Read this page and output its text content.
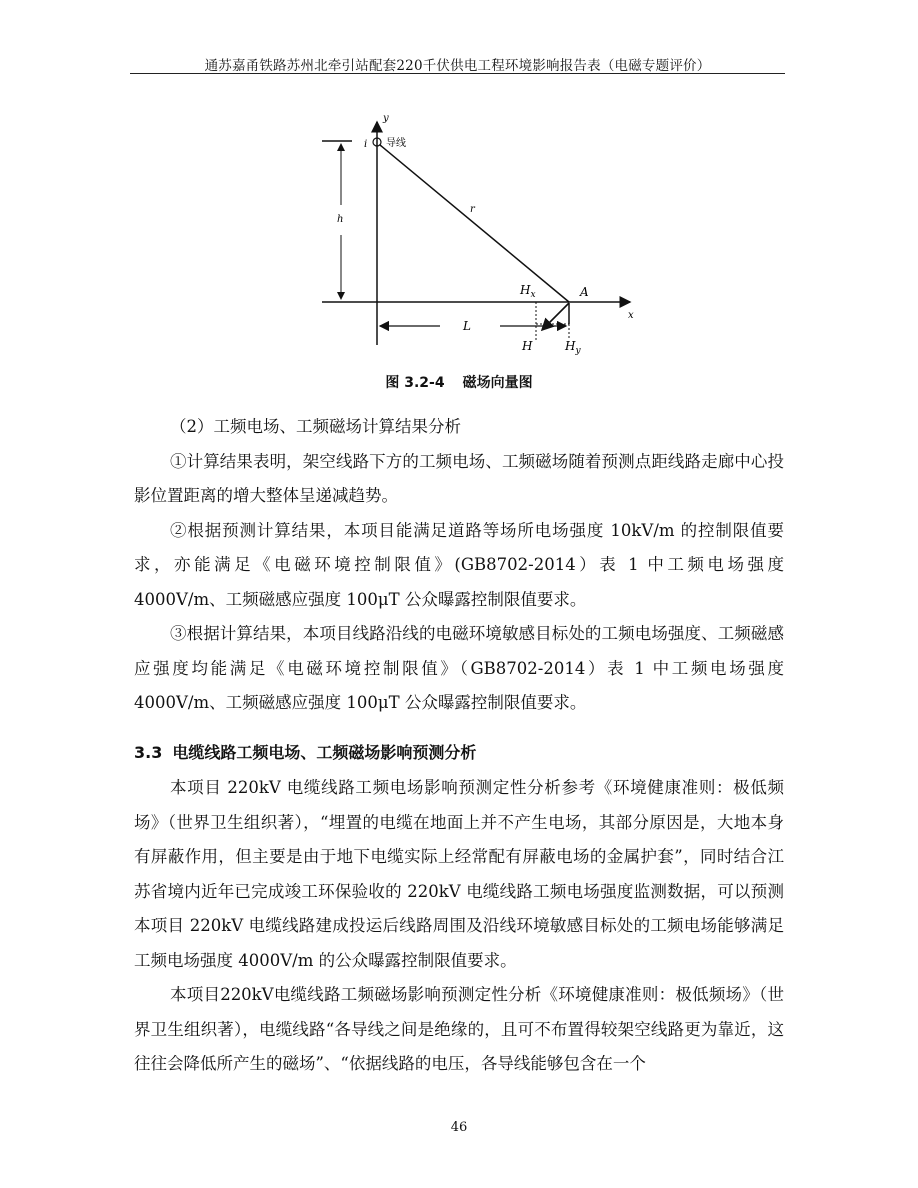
通苏嘉甬铁路苏州北牵引站配套220千伏供电工程环境影响报告表（电磁专题评价）
y
x
i 导线
h
r
A
$H_x$
L
H	$H_y$
图 3.2-4 磁场向量图

（2）工频电场、工频磁场计算结果分析

①计算结果表明，架空线路下方的工频电场、工频磁场随着预测点距线路走廊中心投影位置距离的增大整体呈递减趋势。

②根据预测计算结果，本项目能满足道路等场所电场强度 10kV/m 的控制限值要求，亦能满足《电磁环境控制限值》(GB8702-2014）表 1 中工频电场强度 4000V/m、工频磁感应强度 100μT 公众曝露控制限值要求。

③根据计算结果，本项目线路沿线的电磁环境敏感目标处的工频电场强度、工频磁感应强度均能满足《电磁环境控制限值》（GB8702-2014）表 1 中工频电场强度 4000V/m、工频磁感应强度 100μT 公众曝露控制限值要求。

3.3 电缆线路工频电场、工频磁场影响预测分析

本项目 220kV 电缆线路工频电场影响预测定性分析参考《环境健康准则：极低频场》（世界卫生组织著），“埋置的电缆在地面上并不产生电场，其部分原因是，大地本身有屏蔽作用，但主要是由于地下电缆实际上经常配有屏蔽电场的金属护套”，同时结合江苏省境内近年已完成竣工环保验收的 220kV 电缆线路工频电场强度监测数据，可以预测本项目 220kV 电缆线路建成投运后线路周围及沿线环境敏感目标处的工频电场能够满足工频电场强度 4000V/m 的公众曝露控制限值要求。

本项目220kV电缆线路工频磁场影响预测定性分析《环境健康准则：极低频场》（世界卫生组织著），电缆线路“各导线之间是绝缘的，且可不布置得较架空线路更为靠近，这往往会降低所产生的磁场”、“依据线路的电压，各导线能够包含在一个

46
